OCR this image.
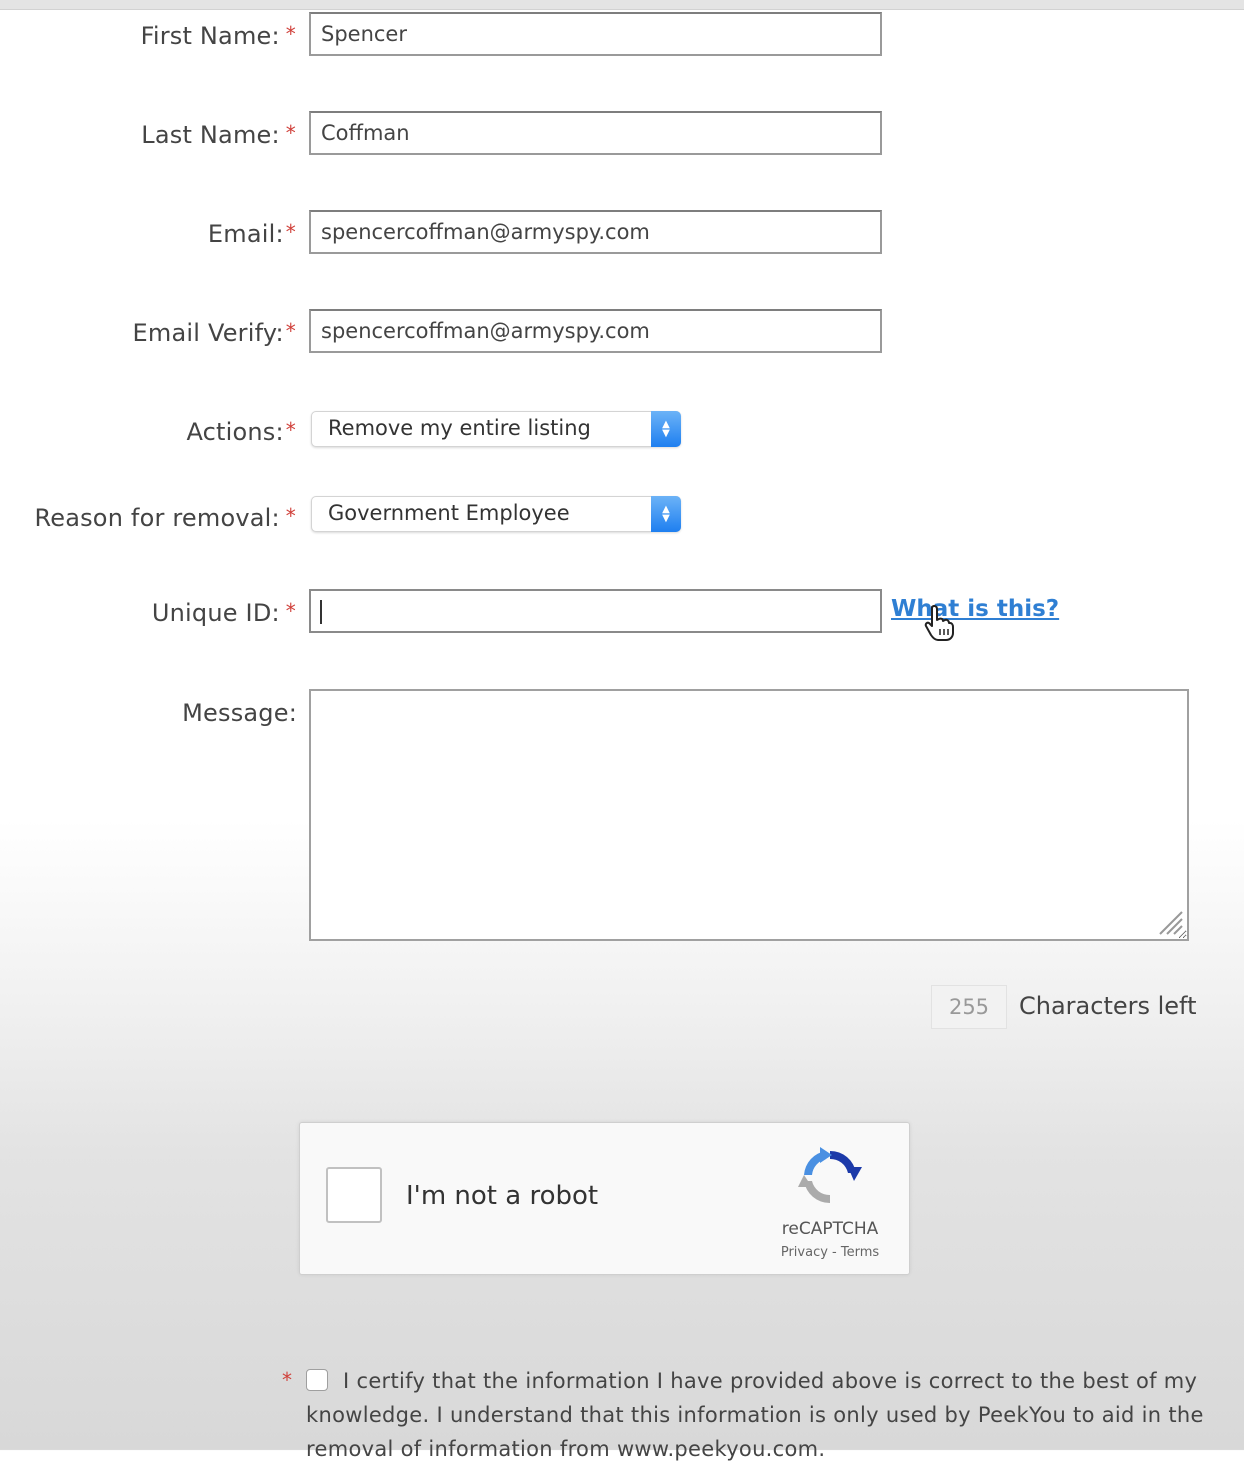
First Name: *
Spencer
Last Name: *
Coffman
Email: *
spencercoffman@armyspy.com
Email Verify: *
spencercoffman@armyspy.com
Actions: * Remove my entire listing	▲
▼
Reason for removal: * Government Employee	▲
▼
Unique ID: *	What is this?
Message:
255	Characters left
I'm not a robot
reCAPTCHA
Privacy - Terms
*	I certify that the information I have provided above is correct to the best of my knowledge. I understand that this information is only used by PeekYou to aid in the removal of information from www.peekyou.com.
